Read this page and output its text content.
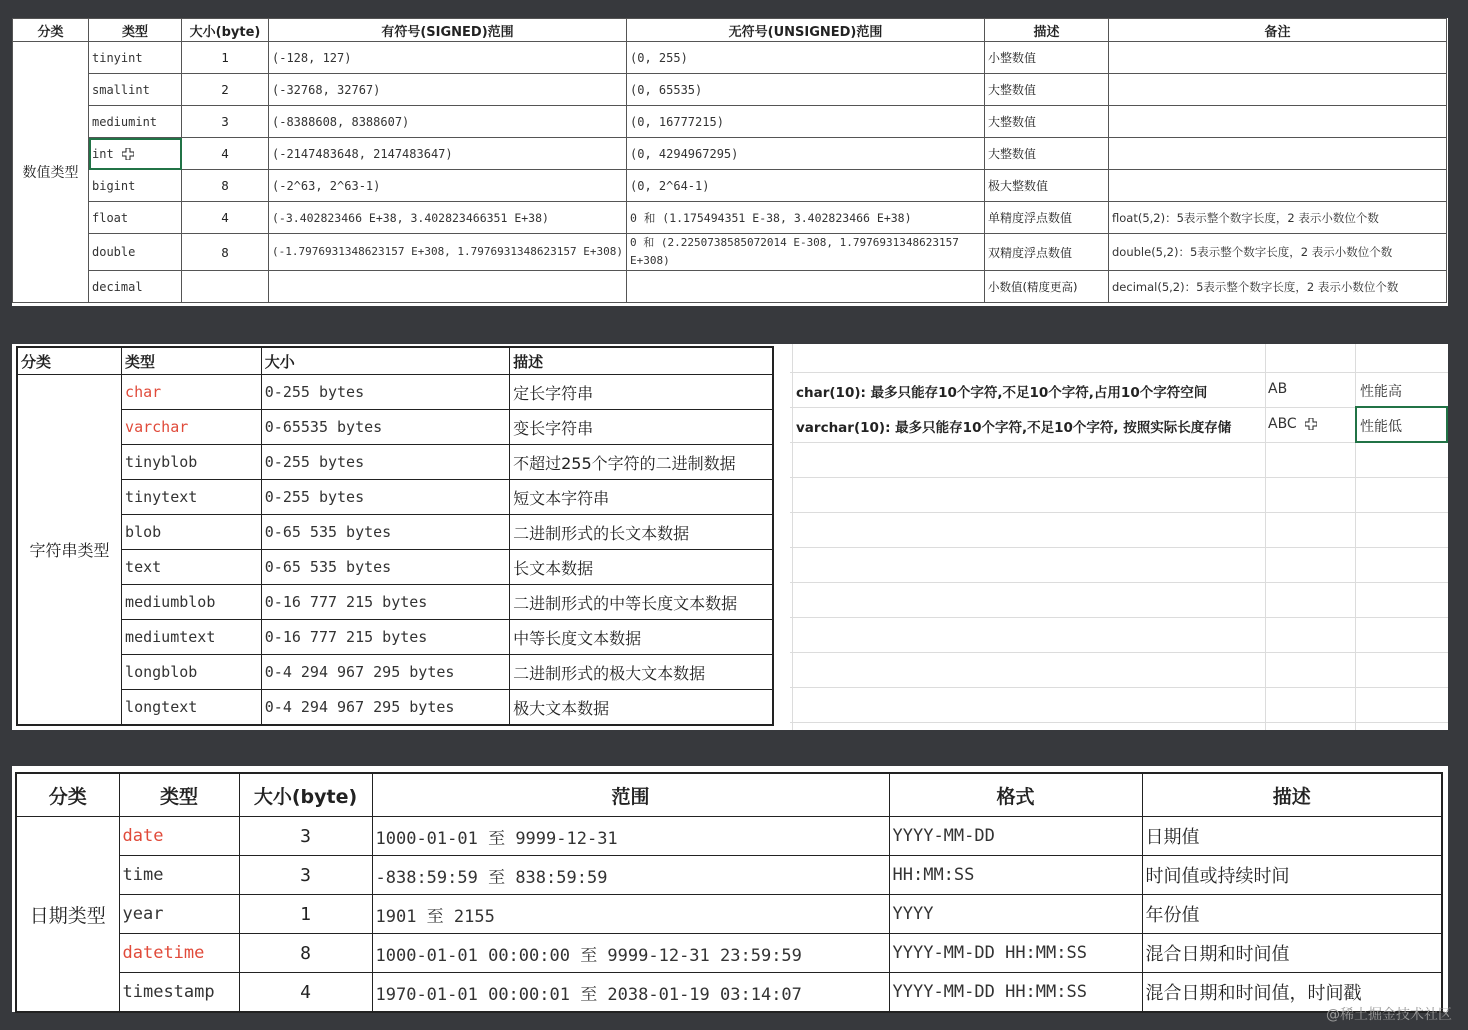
分类	类型	大小(byte)	有符号(SIGNED)范围	无符号(UNSIGNED)范围	描述	备注
数值类型	tinyint	1	(-128, 127)	(0, 255)	小整数值	
	smallint	2	(-32768, 32767)	(0, 65535)	大整数值	
	mediumint	3	(-8388608, 8388607)	(0, 16777215)	大整数值	
	int	4	(-2147483648, 2147483647)	(0, 4294967295)	大整数值	
	bigint	8	(-2^63, 2^63-1)	(0, 2^64-1)	极大整数值	
	float	4	(-3.402823466 E+38, 3.402823466351 E+38)	0 和 (1.175494351 E-38, 3.402823466 E+38)	单精度浮点数值	float(5,2)：5表示整个数字长度，2 表示小数位个数
	double	8	(-1.7976931348623157 E+308, 1.7976931348623157 E+308)	0 和 (2.2250738585072014 E-308, 1.7976931348623157 E+308)	双精度浮点数值	double(5,2)：5表示整个数字长度，2 表示小数位个数
	decimal				小数值(精度更高)	decimal(5,2)：5表示整个数字长度，2 表示小数位个数
分类	类型	大小	描述
字符串类型	char	0-255 bytes	定长字符串
	varchar	0-65535 bytes	变长字符串
	tinyblob	0-255 bytes	不超过255个字符的二进制数据
	tinytext	0-255 bytes	短文本字符串
	blob	0-65 535 bytes	二进制形式的长文本数据
	text	0-65 535 bytes	长文本数据
	mediumblob	0-16 777 215 bytes	二进制形式的中等长度文本数据
	mediumtext	0-16 777 215 bytes	中等长度文本数据
	longblob	0-4 294 967 295 bytes	二进制形式的极大文本数据
	longtext	0-4 294 967 295 bytes	极大文本数据
char(10): 最多只能存10个字符,不足10个字符,占用10个字符空间	AB	性能高
varchar(10): 最多只能存10个字符,不足10个字符, 按照实际长度存储	ABC	性能低
分类	类型	大小(byte)	范围	格式	描述
日期类型	date	3	1000-01-01 至 9999-12-31	YYYY-MM-DD	日期值
	time	3	-838:59:59 至 838:59:59	HH:MM:SS	时间值或持续时间
	year	1	1901 至 2155	YYYY	年份值
	datetime	8	1000-01-01 00:00:00 至 9999-12-31 23:59:59	YYYY-MM-DD HH:MM:SS	混合日期和时间值
	timestamp	4	1970-01-01 00:00:01 至 2038-01-19 03:14:07	YYYY-MM-DD HH:MM:SS	混合日期和时间值，时间戳
@稀土掘金技术社区
